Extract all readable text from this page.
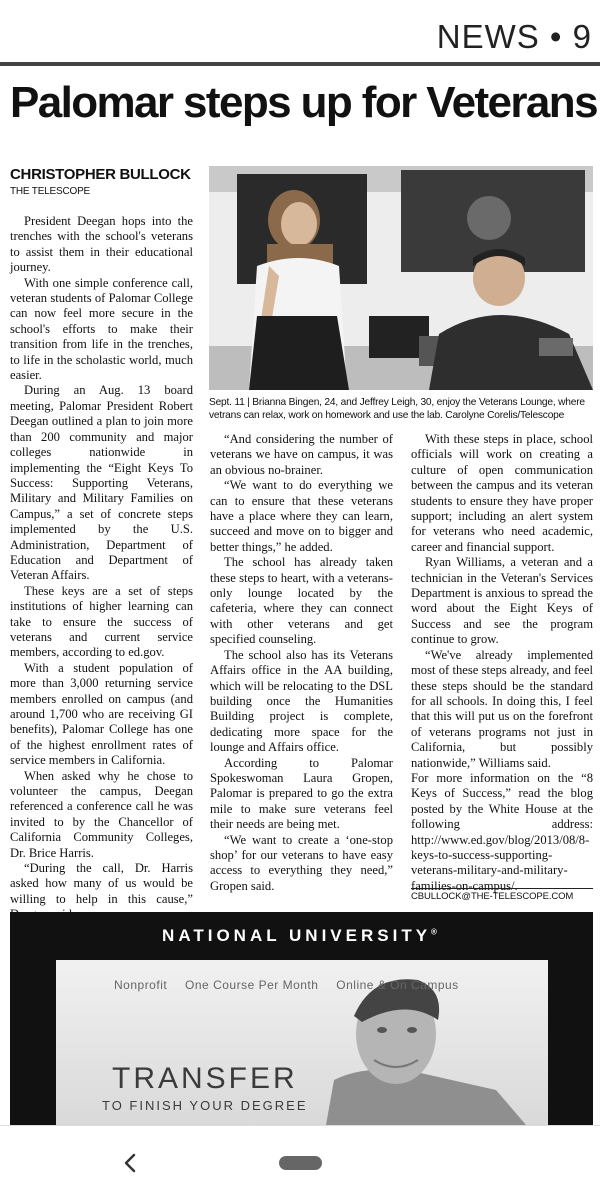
NEWS • 9
Palomar steps up for Veterans
CHRISTOPHER BULLOCK
THE TELESCOPE

President Deegan hops into the trenches with the school's veterans to assist them in their educational journey.

With one simple conference call, veteran students of Palomar College can now feel more secure in the school's efforts to make their transition from life in the trenches, to life in the scholastic world, much easier.

During an Aug. 13 board meeting, Palomar President Robert Deegan outlined a plan to join more than 200 community and major colleges nationwide in implementing the “Eight Keys To Success: Supporting Veterans, Military and Military Families on Campus,” a set of concrete steps implemented by the U.S. Administration, Department of Education and Department of Veteran Affairs.

These keys are a set of steps institutions of higher learning can take to ensure the success of veterans and current service members, according to ed.gov.

With a student population of more than 3,000 returning service members enrolled on campus (and around 1,700 who are receiving GI benefits), Palomar College has one of the highest enrollment rates of service members in California.

When asked why he chose to volunteer the campus, Deegan referenced a conference call he was invited to by the Chancellor of California Community Colleges, Dr. Brice Harris.

“During the call, Dr. Harris asked how many of us would be willing to help in this cause,”

Sept. 11 | Brianna Bingen, 24, and Jeffrey Leigh, 30, enjoy the Veterans Lounge, where vetrans can relax, work on homework and use the lab. Carolyne Corelis/Telescope

“And considering the number of veterans we have on campus, it was an obvious no-brainer.

“We want to do everything we can to ensure that these veterans have a place where they can learn, succeed and move on to bigger and better things,” he added.

The school has already taken these steps to heart, with a veterans-only lounge located by the cafeteria, where they can connect with other veterans and get specified counseling.

The school also has its Veterans Affairs office in the AA building, which will be relocating to the DSL building once the Humanities Building project is complete, dedicating more space for the lounge and Affairs office.

According to Palomar Spokeswoman Laura Gropen, Palomar is prepared to go the extra mile to make sure veterans feel their needs are being met.

“We want to create a ‘one-stop shop’ for our veterans to have easy access to everything they need,” Gropen said.

With these steps in place, school officials will work on creating a culture of open communication between the campus and its veteran students to ensure they have proper support; including an alert system for veterans who need academic, career and financial support.

Ryan Williams, a veteran and a technician in the Veteran's Services Department is anxious to spread the word about the Eight Keys of Success and see the program continue to grow.

“We've already implemented most of these steps already, and feel these steps should be the standard for all schools. In doing this, I feel that this will put us on the forefront of veterans programs not just in California, but possibly nationwide,” Williams said.

For more information on the “8 Keys of Success,” read the blog posted by the White House at the following address: http://www.ed.gov/blog/2013/08/8-keys-to-success-supporting-veterans-military-and-military-families-on-campus/.

CBULLOCK@THE-TELESCOPE.COM
NATIONAL UNIVERSITY®
Nonprofit One Course Per Month Online & On Campus
TRANSFER
TO FINISH YOUR DEGREE
